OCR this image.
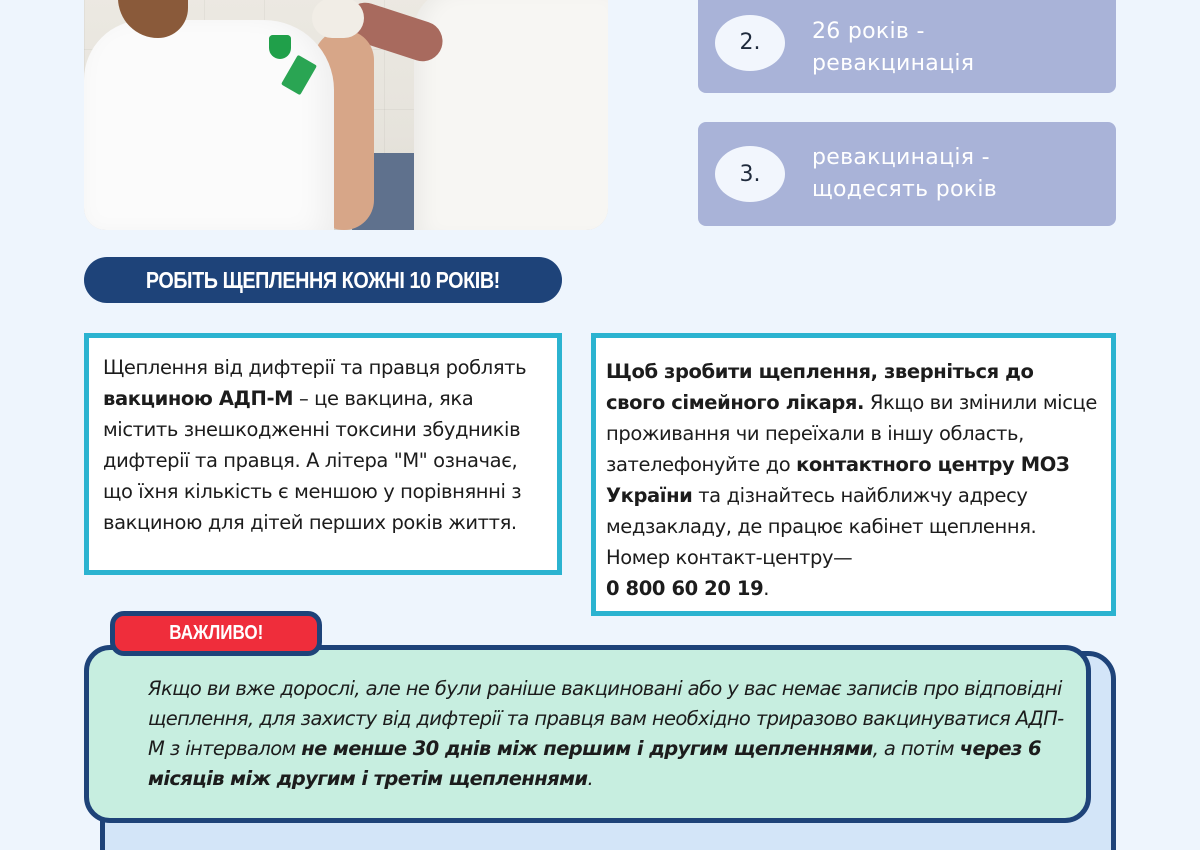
2.	26 років -
ревакцинація
3.
ревакцинація -
щодесять років
РОБІТЬ ЩЕПЛЕННЯ КОЖНІ 10 РОКІВ!
Щеплення від дифтерії та правця роблять вакциною АДП-М – це вакцина, яка містить знешкодженні токсини збудників дифтерії та правця. А літера "М" означає, що їхня кількість є меншою у порівнянні з вакциною для дітей перших років життя.
Щоб зробити щеплення, зверніться до свого сімейного лікаря. Якщо ви змінили місце проживання чи переїхали в іншу область, зателефонуйте до контактного центру МОЗ України та дізнайтесь найближчу адресу медзакладу, де працює кабінет щеплення. Номер контакт-центру—
0 800 60 20 19.
ВАЖЛИВО!
Якщо ви вже дорослі, але не були раніше вакциновані або у вас немає записів про відповідні щеплення, для захисту від дифтерії та правця вам необхідно триразово вакцинуватися АДП-М з інтервалом не менше 30 днів між першим і другим щепленнями, а потім через 6 місяців між другим і третім щепленнями.
